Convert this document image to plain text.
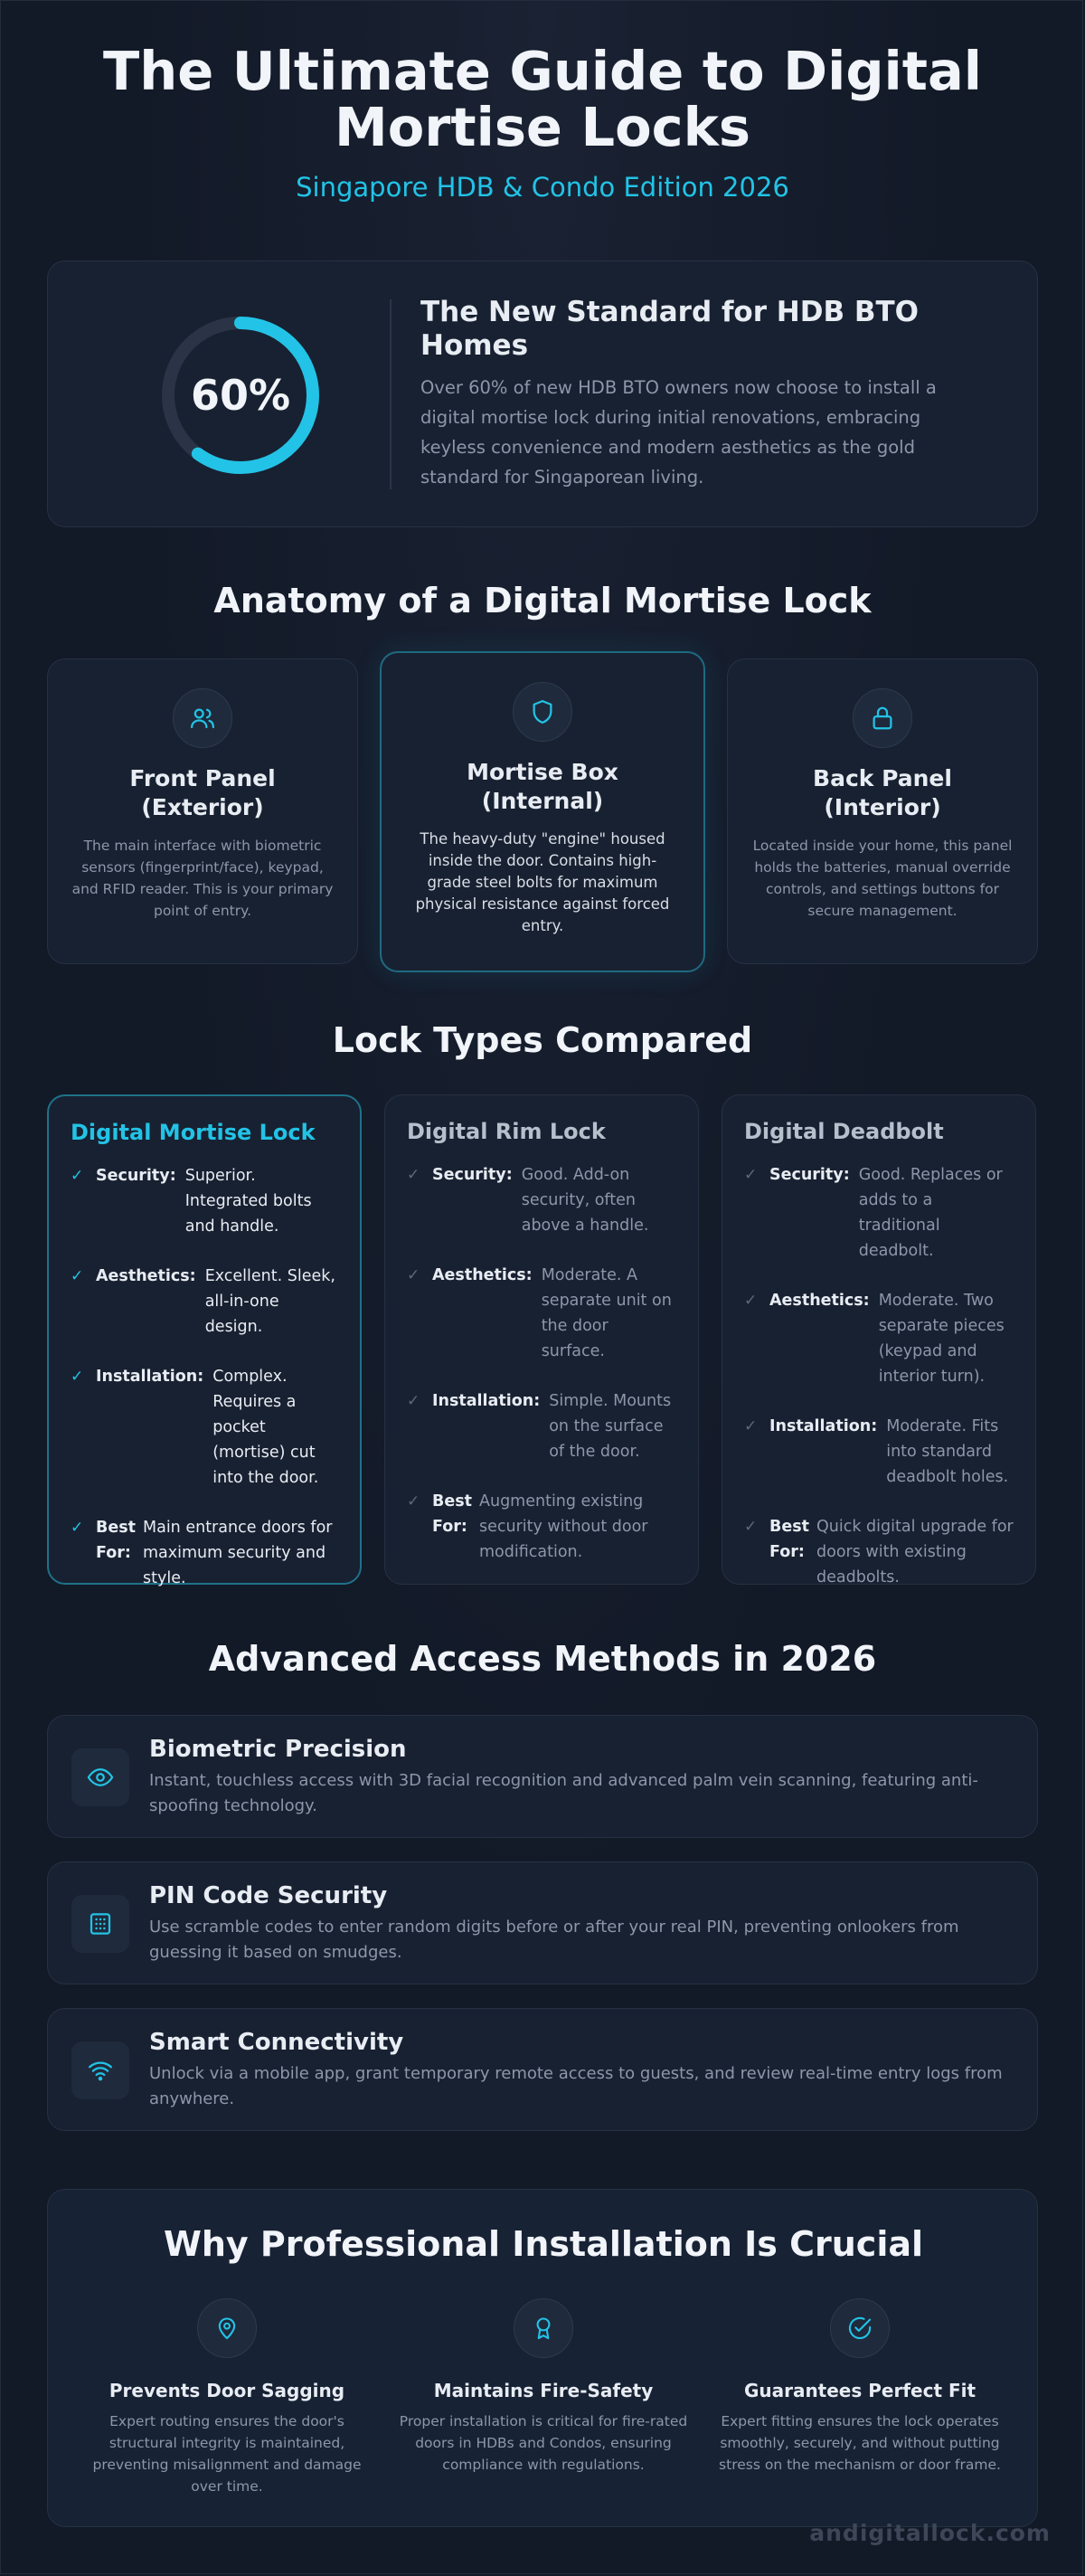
The Ultimate Guide to Digital
Mortise Locks
Singapore HDB & Condo Edition 2026
60%
The New Standard for HDB BTO Homes

Over 60% of new HDB BTO owners now choose to install a digital mortise lock during initial renovations, embracing keyless convenience and modern aesthetics as the gold standard for Singaporean living.

Anatomy of a Digital Mortise Lock
Front Panel (Exterior)

The main interface with biometric sensors (fingerprint/face), keypad, and RFID reader. This is your primary point of entry.

Mortise Box (Internal)

The heavy-duty "engine" housed inside the door. Contains high-grade steel bolts for maximum physical resistance against forced entry.

Back Panel (Interior)

Located inside your home, this panel holds the batteries, manual override controls, and settings buttons for secure management.

Lock Types Compared
Digital Mortise Lock
✓ Security: Superior. Integrated bolts and handle.
✓ Aesthetics: Excellent. Sleek, all-in-one design.
✓ Installation: Complex. Requires a pocket (mortise) cut into the door.
✓ Best For:
Main entrance doors for maximum security and style.
Digital Rim Lock
✓ Security: Good. Add-on security, often above a handle.
✓ Aesthetics: Moderate. A separate unit on the door surface.
✓ Installation: Simple. Mounts on the surface of the door.
✓ Best For:
Augmenting existing security without door modification.
Digital Deadbolt
✓ Security: Good. Replaces or adds to a traditional deadbolt.
✓ Aesthetics: Moderate. Two separate pieces (keypad and interior turn).
✓ Installation: Moderate. Fits into standard deadbolt holes.
✓ Best For:
Quick digital upgrade for doors with existing deadbolts.
Advanced Access Methods in 2026
Biometric Precision

Instant, touchless access with 3D facial recognition and advanced palm vein scanning, featuring anti-spoofing technology.

PIN Code Security

Use scramble codes to enter random digits before or after your real PIN, preventing onlookers from guessing it based on smudges.

Smart Connectivity

Unlock via a mobile app, grant temporary remote access to guests, and review real-time entry logs from anywhere.

Why Professional Installation Is Crucial
Prevents Door Sagging

Expert routing ensures the door's structural integrity is maintained, preventing misalignment and damage over time.

Maintains Fire-Safety

Proper installation is critical for fire-rated doors in HDBs and Condos, ensuring compliance with regulations.

Guarantees Perfect Fit

Expert fitting ensures the lock operates smoothly, securely, and without putting stress on the mechanism or door frame.

andigitallock.com
